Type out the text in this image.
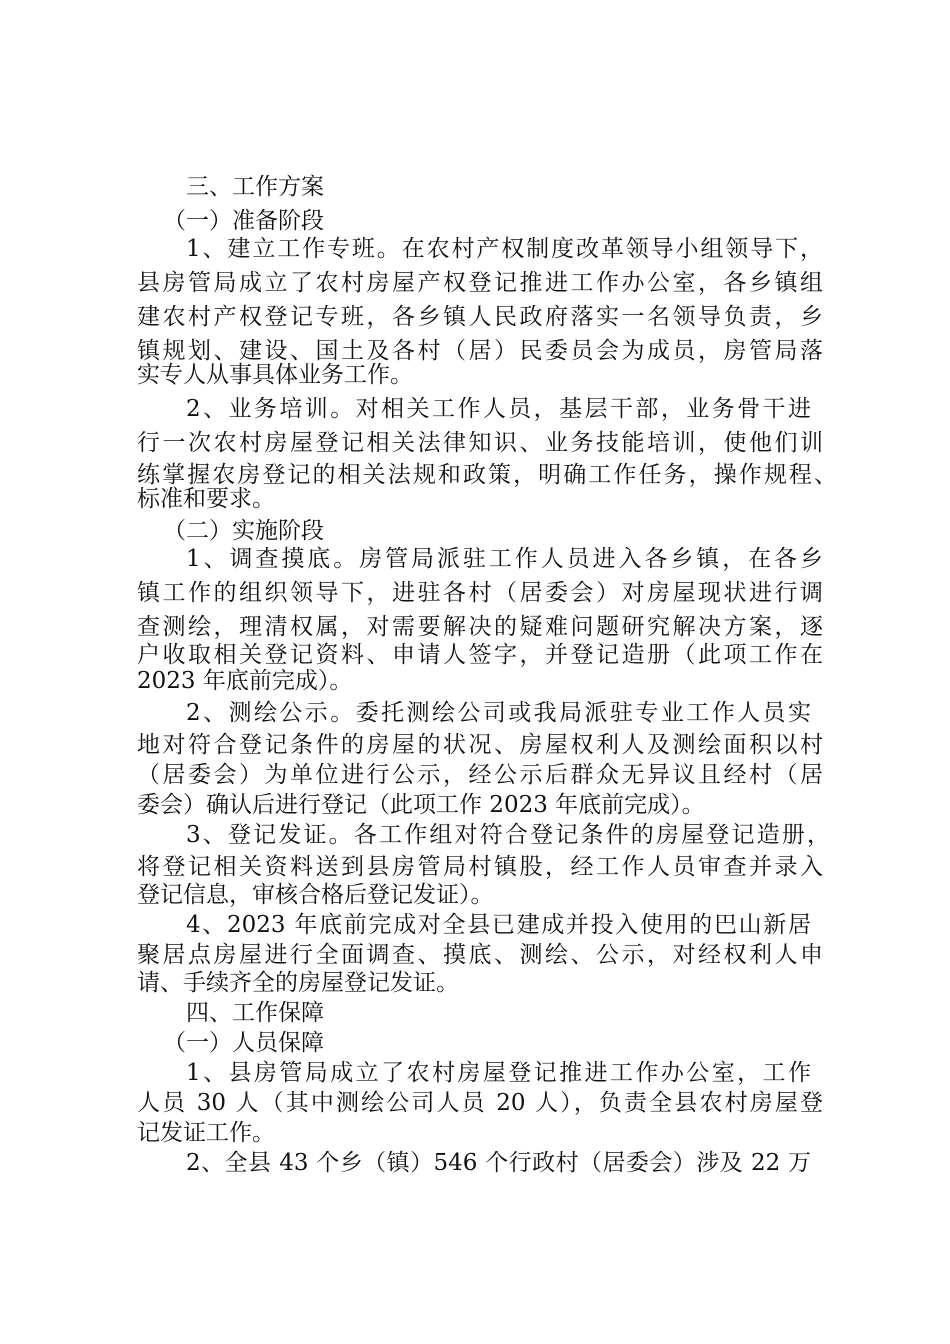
三、工作方案
（一）准备阶段
1、建立工作专班。在农村产权制度改革领导小组领导下，
县房管局成立了农村房屋产权登记推进工作办公室，各乡镇组
建农村产权登记专班，各乡镇人民政府落实一名领导负责，乡
镇规划、建设、国土及各村（居）民委员会为成员，房管局落
实专人从事具体业务工作。
2、业务培训。对相关工作人员，基层干部，业务骨干进
行一次农村房屋登记相关法律知识、业务技能培训，使他们训
练掌握农房登记的相关法规和政策，明确工作任务，操作规程、
标准和要求。
（二）实施阶段
1、调查摸底。房管局派驻工作人员进入各乡镇，在各乡
镇工作的组织领导下，进驻各村（居委会）对房屋现状进行调
查测绘，理清权属，对需要解决的疑难问题研究解决方案，逐
户收取相关登记资料、申请人签字，并登记造册（此项工作在
2023 年底前完成）。
2、测绘公示。委托测绘公司或我局派驻专业工作人员实
地对符合登记条件的房屋的状况、房屋权利人及测绘面积以村
（居委会）为单位进行公示，经公示后群众无异议且经村（居
委会）确认后进行登记（此项工作 2023 年底前完成）。
3、登记发证。各工作组对符合登记条件的房屋登记造册，
将登记相关资料送到县房管局村镇股，经工作人员审查并录入
登记信息，审核合格后登记发证）。
4、2023 年底前完成对全县已建成并投入使用的巴山新居
聚居点房屋进行全面调查、摸底、测绘、公示，对经权利人申
请、手续齐全的房屋登记发证。
四、工作保障
（一）人员保障
1、县房管局成立了农村房屋登记推进工作办公室，工作
人员 30 人（其中测绘公司人员 20 人），负责全县农村房屋登
记发证工作。
2、全县 43 个乡（镇）546 个行政村（居委会）涉及 22 万
